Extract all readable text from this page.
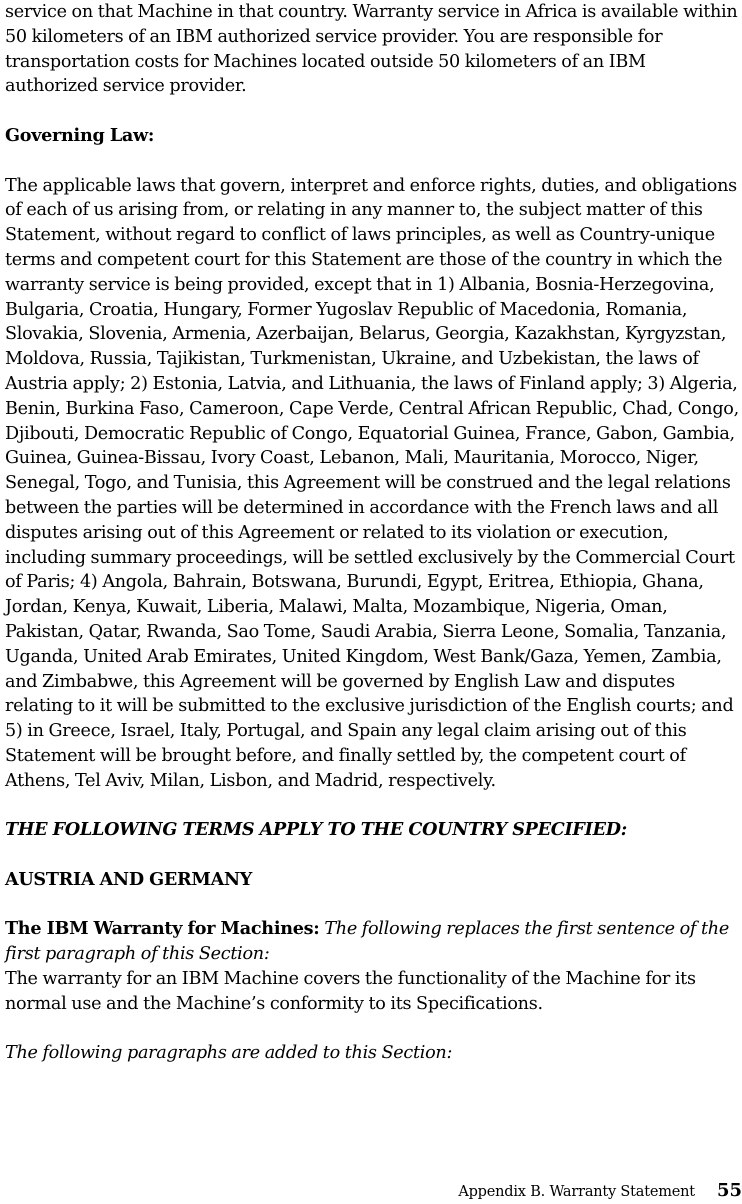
service on that Machine in that country. Warranty service in Africa is available within 50 kilometers of an IBM authorized service provider. You are responsible for transportation costs for Machines located outside 50 kilometers of an IBM authorized service provider.

Governing Law:

The applicable laws that govern, interpret and enforce rights, duties, and obligations of each of us arising from, or relating in any manner to, the subject matter of this Statement, without regard to conflict of laws principles, as well as Country-unique terms and competent court for this Statement are those of the country in which the warranty service is being provided, except that in 1) Albania, Bosnia-Herzegovina, Bulgaria, Croatia, Hungary, Former Yugoslav Republic of Macedonia, Romania, Slovakia, Slovenia, Armenia, Azerbaijan, Belarus, Georgia, Kazakhstan, Kyrgyzstan, Moldova, Russia, Tajikistan, Turkmenistan, Ukraine, and Uzbekistan, the laws of Austria apply; 2) Estonia, Latvia, and Lithuania, the laws of Finland apply; 3) Algeria, Benin, Burkina Faso, Cameroon, Cape Verde, Central African Republic, Chad, Congo, Djibouti, Democratic Republic of Congo, Equatorial Guinea, France, Gabon, Gambia, Guinea, Guinea-Bissau, Ivory Coast, Lebanon, Mali, Mauritania, Morocco, Niger, Senegal, Togo, and Tunisia, this Agreement will be construed and the legal relations between the parties will be determined in accordance with the French laws and all disputes arising out of this Agreement or related to its violation or execution, including summary proceedings, will be settled exclusively by the Commercial Court of Paris; 4) Angola, Bahrain, Botswana, Burundi, Egypt, Eritrea, Ethiopia, Ghana, Jordan, Kenya, Kuwait, Liberia, Malawi, Malta, Mozambique, Nigeria, Oman, Pakistan, Qatar, Rwanda, Sao Tome, Saudi Arabia, Sierra Leone, Somalia, Tanzania, Uganda, United Arab Emirates, United Kingdom, West Bank/Gaza, Yemen, Zambia, and Zimbabwe, this Agreement will be governed by English Law and disputes relating to it will be submitted to the exclusive jurisdiction of the English courts; and 5) in Greece, Israel, Italy, Portugal, and Spain any legal claim arising out of this Statement will be brought before, and finally settled by, the competent court of Athens, Tel Aviv, Milan, Lisbon, and Madrid, respectively.

THE FOLLOWING TERMS APPLY TO THE COUNTRY SPECIFIED:

AUSTRIA AND GERMANY

The IBM Warranty for Machines: The following replaces the first sentence of the first paragraph of this Section:

The warranty for an IBM Machine covers the functionality of the Machine for its normal use and the Machine’s conformity to its Specifications.

The following paragraphs are added to this Section:

Appendix B. Warranty Statement 55
